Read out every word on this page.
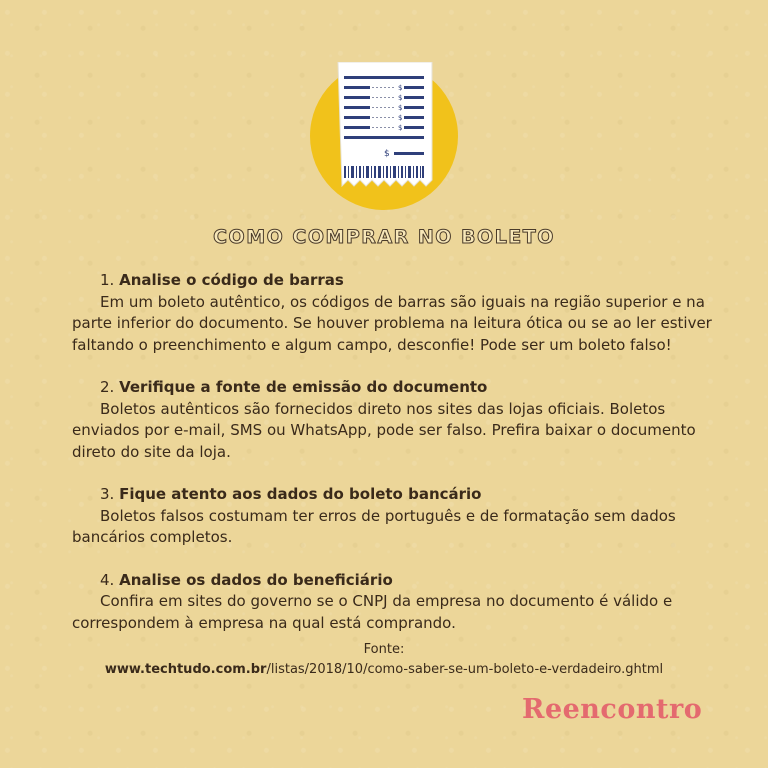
$
$
$
$
$
$
COMO COMPRAR NO BOLETO
1. Analise o código de barras

Em um boleto autêntico, os códigos de barras são iguais na região superior e na parte inferior do documento. Se houver problema na leitura ótica ou se ao ler estiver faltando o preenchimento e algum campo, desconfie! Pode ser um boleto falso!

2. Verifique a fonte de emissão do documento

Boletos autênticos são fornecidos direto nos sites das lojas oficiais. Boletos enviados por e-mail, SMS ou WhatsApp, pode ser falso. Prefira baixar o documento direto do site da loja.

3. Fique atento aos dados do boleto bancário

Boletos falsos costumam ter erros de português e de formatação sem dados bancários completos.

4. Analise os dados do beneficiário

Confira em sites do governo se o CNPJ da empresa no documento é válido e correspondem à empresa na qual está comprando.

Fonte:
www.techtudo.com.br/listas/2018/10/como-saber-se-um-boleto-e-verdadeiro.ghtml
Reencontro
